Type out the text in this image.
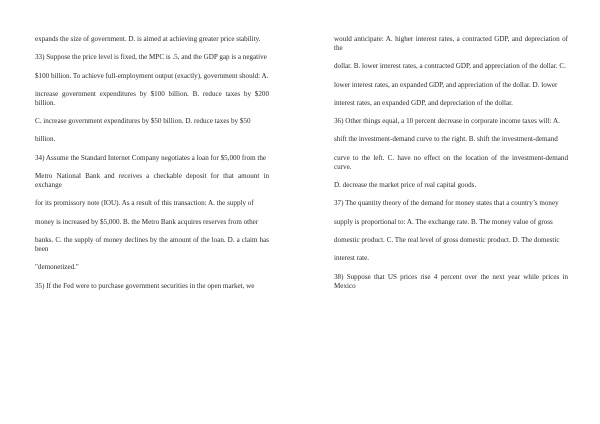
expands the size of government. D. is aimed at achieving greater price stability.

33) Suppose the price level is fixed, the MPC is .5, and the GDP gap is a negative

$100 billion. To achieve full-employment output (exactly), government should: A.

increase government expenditures by $100 billion. B. reduce taxes by $200 billion.

C. increase government expenditures by $50 billion. D. reduce taxes by $50

billion.

34) Assume the Standard Internet Company negotiates a loan for $5,000 from the

Metro National Bank and receives a checkable deposit for that amount in exchange

for its promissory note (IOU). As a result of this transaction: A. the supply of

money is increased by $5,000. B. the Metro Bank acquires reserves from other

banks. C. the supply of money declines by the amount of the loan. D. a claim has been

"demonetized."

35) If the Fed were to purchase government securities in the open market, we

would anticipate: A. higher interest rates, a contracted GDP, and depreciation of the

dollar. B. lower interest rates, a contracted GDP, and appreciation of the dollar. C.

lower interest rates, an expanded GDP, and appreciation of the dollar. D. lower

interest rates, an expanded GDP, and depreciation of the dollar.

36) Other things equal, a 10 percent decrease in corporate income taxes will: A.

shift the investment-demand curve to the right. B. shift the investment-demand

curve to the left. C. have no effect on the location of the investment-demand curve.

D. decrease the market price of real capital goods.

37) The quantity theory of the demand for money states that a country’s money

supply is proportional to: A. The exchange rate. B. The money value of gross

domestic product. C. The real level of gross domestic product. D. The domestic

interest rate.

38) Suppose that US prices rise 4 percent over the next year while prices in Mexico
